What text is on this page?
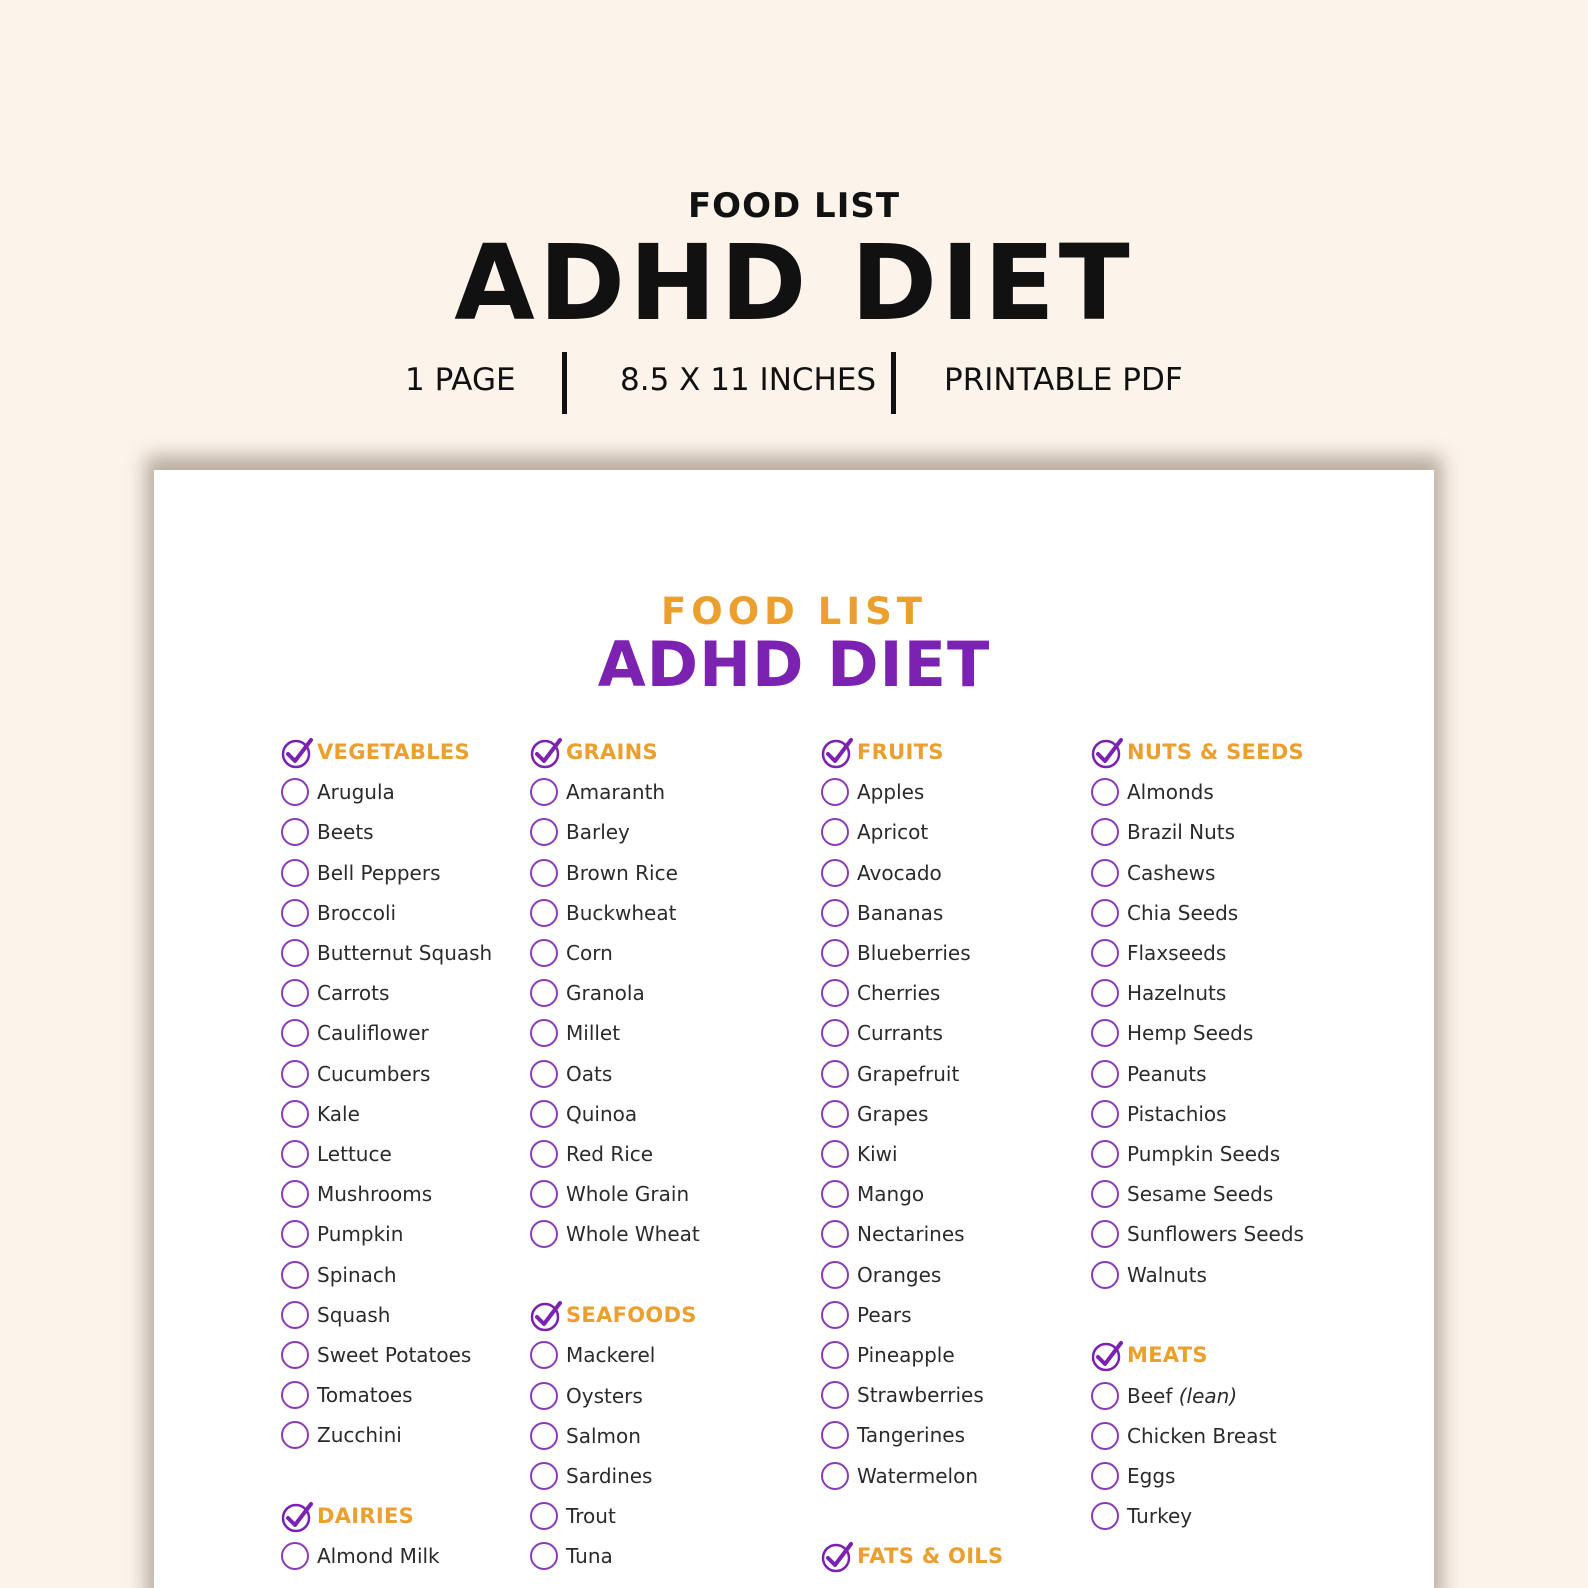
FOOD LIST
ADHD DIET
1 PAGE	8.5 X 11 INCHES PRINTABLE PDF
FOOD LIST
ADHD DIET
VEGETABLES
Arugula
Beets
Bell Peppers
Broccoli
Butternut Squash
Carrots
Cauliflower
Cucumbers
Kale
Lettuce
Mushrooms
Pumpkin
Spinach
Squash
Sweet Potatoes
Tomatoes
Zucchini
DAIRIES
Almond Milk
GRAINS
Amaranth
Barley
Brown Rice
Buckwheat
Corn
Granola
Millet
Oats
Quinoa
Red Rice
Whole Grain
Whole Wheat
SEAFOODS
Mackerel
Oysters
Salmon
Sardines
Trout
Tuna
FRUITS
Apples
Apricot
Avocado
Bananas
Blueberries
Cherries
Currants
Grapefruit
Grapes
Kiwi
Mango
Nectarines
Oranges
Pears
Pineapple
Strawberries
Tangerines
Watermelon
FATS & OILS
NUTS & SEEDS
Almonds
Brazil Nuts
Cashews
Chia Seeds
Flaxseeds
Hazelnuts
Hemp Seeds
Peanuts
Pistachios
Pumpkin Seeds
Sesame Seeds
Sunflowers Seeds
Walnuts
MEATS
Beef (lean)
Chicken Breast
Eggs
Turkey
